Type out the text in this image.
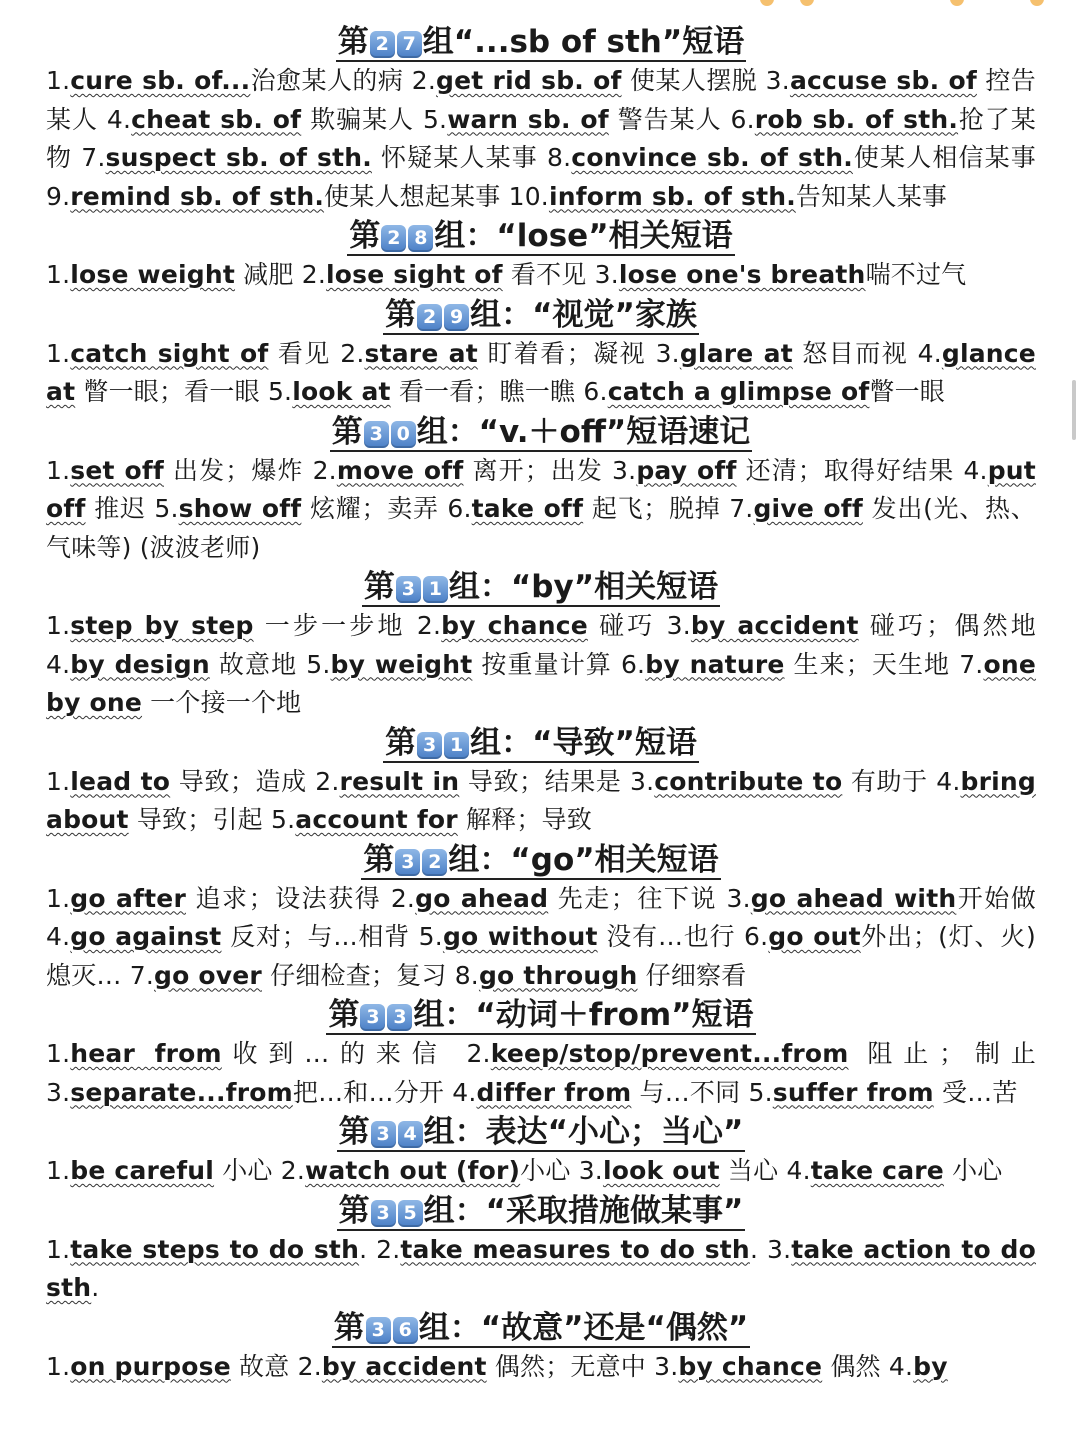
第 2 7 组“...sb of sth”短语

1.cure sb. of...治愈某人的病 2.get rid sb. of 使某人摆脱 3.accuse sb. of 控告某人 4.cheat sb. of 欺骗某人 5.warn sb. of 警告某人 6.rob sb. of sth.抢了某物 7.suspect sb. of sth. 怀疑某人某事 8.convince sb. of sth.使某人相信某事 9.remind sb. of sth.使某人想起某事 10.inform sb. of sth.告知某人某事

第 2 8 组：“lose”相关短语

1.lose weight 减肥 2.lose sight of 看不见 3.lose one's breath喘不过气

第 2 9 组：“视觉”家族

1.catch sight of 看见 2.stare at 盯着看；凝视 3.glare at 怒目而视 4.glance at 瞥一眼；看一眼 5.look at 看一看；瞧一瞧 6.catch a glimpse of瞥一眼

第 3 0 组：“v.＋off”短语速记

1.set off 出发；爆炸 2.move off 离开；出发 3.pay off 还清；取得好结果 4.put off 推迟 5.show off 炫耀；卖弄 6.take off 起飞；脱掉 7.give off 发出(光、热、气味等) (波波老师)

第 3 1 组：“by”相关短语

1.step by step 一步一步地 2.by chance 碰巧 3.by accident 碰巧；偶然地 4.by design 故意地 5.by weight 按重量计算 6.by nature 生来；天生地 7.one by one 一个接一个地

第 3 1 组：“导致”短语

1.lead to 导致；造成 2.result in 导致；结果是 3.contribute to 有助于 4.bring about 导致；引起 5.account for 解释；导致

第 3 2 组：“go”相关短语

1.go after 追求；设法获得 2.go ahead 先走；往下说 3.go ahead with开始做 4.go against 反对；与...相背 5.go without 没有…也行 6.go out外出；(灯、火)熄灭… 7.go over 仔细检查；复习 8.go through 仔细察看

第 3 3 组：“动词＋from”短语

1.hear from收到…的来信 2.keep/stop/prevent...from 阻止；制止 3.separate...from把…和…分开 4.differ from 与…不同 5.suffer from 受…苦

第 3 4 组：表达“小心；当心”

1.be careful 小心 2.watch out (for)小心 3.look out 当心 4.take care 小心

第 3 5 组：“采取措施做某事”

1.take steps to do sth. 2.take measures to do sth. 3.take action to do sth.

第 3 6 组：“故意”还是“偶然”

1.on purpose 故意 2.by accident 偶然；无意中 3.by chance 偶然 4.by
